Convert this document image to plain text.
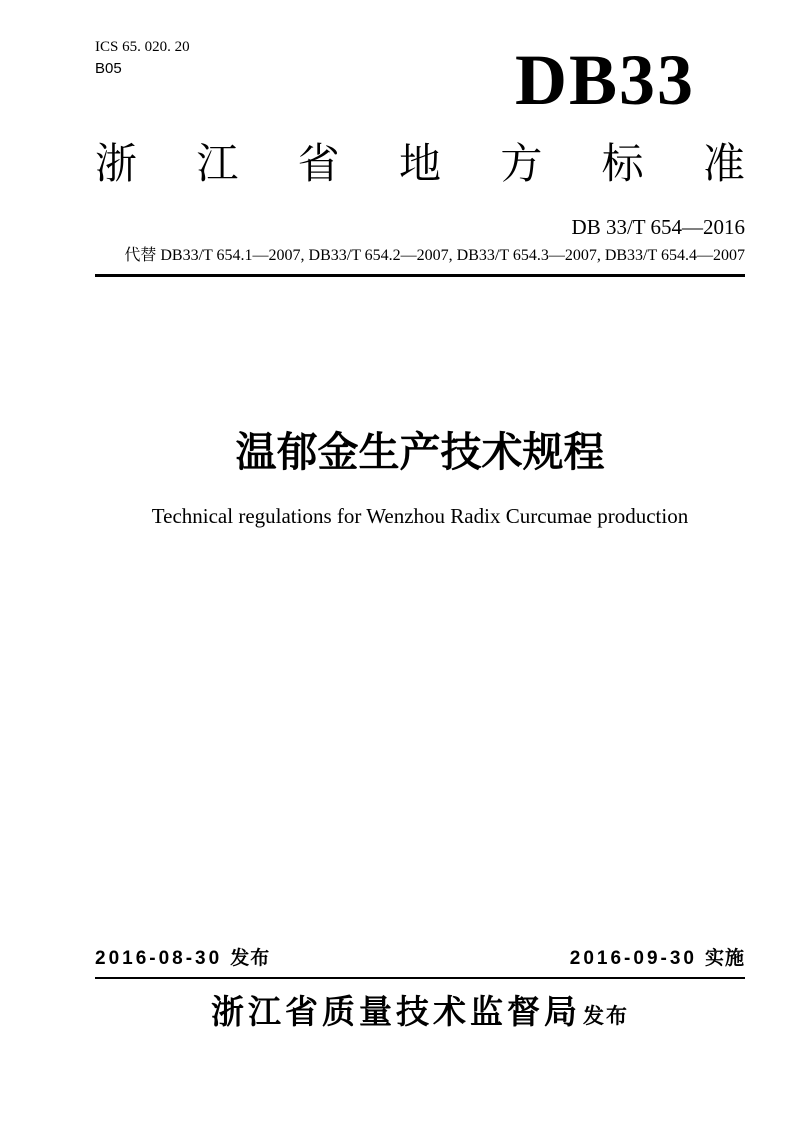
ICS 65. 020. 20
B05	DB33
浙 江 省 地 方 标 准
DB 33/T 654—2016
代替 DB33/T 654.1—2007, DB33/T 654.2—2007, DB33/T 654.3—2007, DB33/T 654.4—2007
温郁金生产技术规程
Technical regulations for Wenzhou Radix Curcumae production
2016-08-30 发布	2016-09-30 实施
浙江省质量技术监督局发布
